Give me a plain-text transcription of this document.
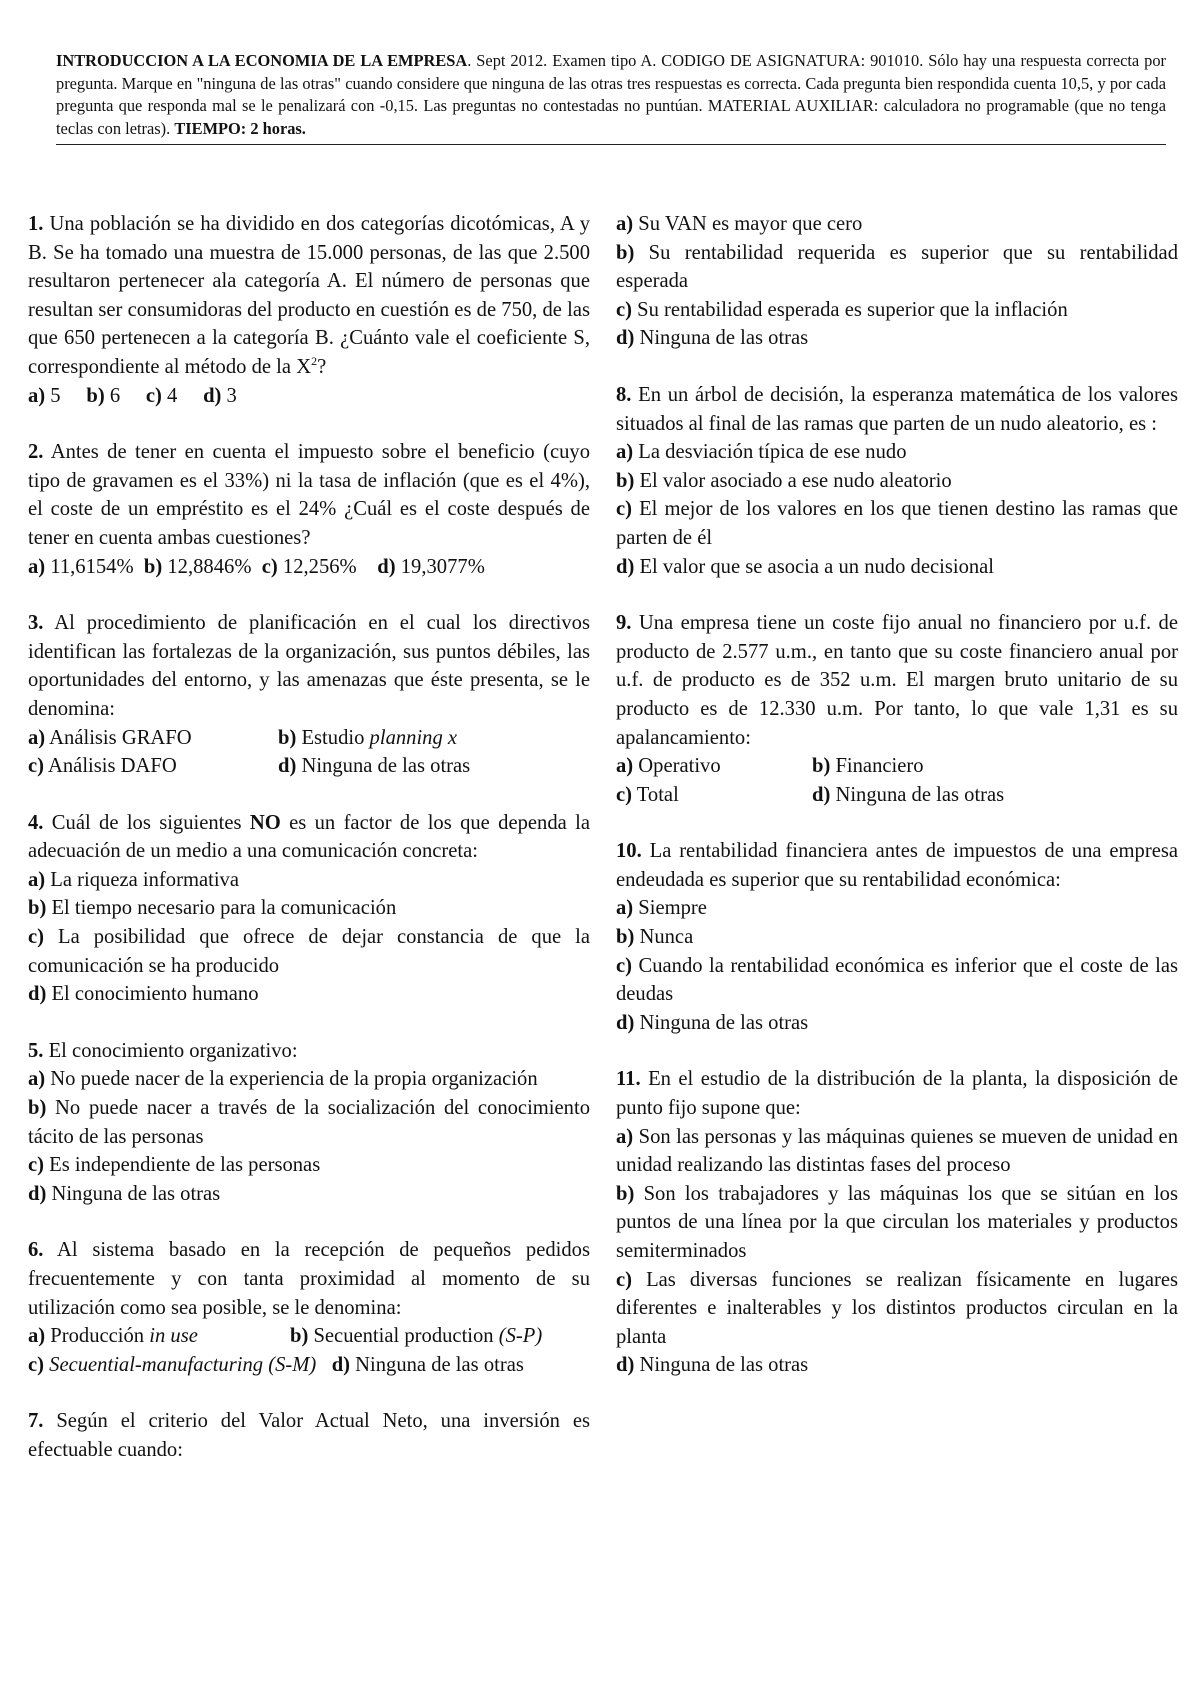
INTRODUCCION A LA ECONOMIA DE LA EMPRESA. Sept 2012. Examen tipo A. CODIGO DE ASIGNATURA: 901010. Sólo hay una respuesta correcta por pregunta. Marque en "ninguna de las otras" cuando considere que ninguna de las otras tres respuestas es correcta. Cada pregunta bien respondida cuenta 10,5, y por cada pregunta que responda mal se le penalizará con -0,15. Las preguntas no contestadas no puntúan. MATERIAL AUXILIAR: calculadora no programable (que no tenga teclas con letras). TIEMPO: 2 horas.

1. Una población se ha dividido en dos categorías dicotómicas, A y B. Se ha tomado una muestra de 15.000 personas, de las que 2.500 resultaron pertenecer ala categoría A. El número de personas que resultan ser consumidoras del producto en cuestión es de 750, de las que 650 pertenecen a la categoría B. ¿Cuánto vale el coeficiente S, correspondiente al método de la $X^2$?

a) 5 b) 6 c) 4 d) 3

2. Antes de tener en cuenta el impuesto sobre el beneficio (cuyo tipo de gravamen es el 33%) ni la tasa de inflación (que es el 4%), el coste de un empréstito es el 24% ¿Cuál es el coste después de tener en cuenta ambas cuestiones?

a) 11,6154% b) 12,8846% c) 12,256% d) 19,3077%

3. Al procedimiento de planificación en el cual los directivos identifican las fortalezas de la organización, sus puntos débiles, las oportunidades del entorno, y las amenazas que éste presenta, se le denomina:

a) Análisis GRAFO	b) Estudio planning x
c) Análisis DAFO	d) Ninguna de las otras

4. Cuál de los siguientes NO es un factor de los que dependa la adecuación de un medio a una comunicación concreta:

a) La riqueza informativa

b) El tiempo necesario para la comunicación

c) La posibilidad que ofrece de dejar constancia de que la comunicación se ha producido

d) El conocimiento humano

5. El conocimiento organizativo:

a) No puede nacer de la experiencia de la propia organización

b) No puede nacer a través de la socialización del conocimiento tácito de las personas

c) Es independiente de las personas

d) Ninguna de las otras

6. Al sistema basado en la recepción de pequeños pedidos frecuentemente y con tanta proximidad al momento de su utilización como sea posible, se le denomina:

a) Producción in use	b) Secuential production (S-P)

c) Secuential-manufacturing (S-M) d) Ninguna de las otras

7. Según el criterio del Valor Actual Neto, una inversión es efectuable cuando:

a) Su VAN es mayor que cero

b) Su rentabilidad requerida es superior que su rentabilidad esperada

c) Su rentabilidad esperada es superior que la inflación

d) Ninguna de las otras

8. En un árbol de decisión, la esperanza matemática de los valores situados al final de las ramas que parten de un nudo aleatorio, es :

a) La desviación típica de ese nudo

b) El valor asociado a ese nudo aleatorio

c) El mejor de los valores en los que tienen destino las ramas que parten de él

d) El valor que se asocia a un nudo decisional

9. Una empresa tiene un coste fijo anual no financiero por u.f. de producto de 2.577 u.m., en tanto que su coste financiero anual por u.f. de producto es de 352 u.m. El margen bruto unitario de su producto es de 12.330 u.m. Por tanto, lo que vale 1,31 es su apalancamiento:

a) Operativo	b) Financiero
c) Total	d) Ninguna de las otras

10. La rentabilidad financiera antes de impuestos de una empresa endeudada es superior que su rentabilidad económica:

a) Siempre

b) Nunca

c) Cuando la rentabilidad económica es inferior que el coste de las deudas

d) Ninguna de las otras

11. En el estudio de la distribución de la planta, la disposición de punto fijo supone que:

a) Son las personas y las máquinas quienes se mueven de unidad en unidad realizando las distintas fases del proceso

b) Son los trabajadores y las máquinas los que se sitúan en los puntos de una línea por la que circulan los materiales y productos semiterminados

c) Las diversas funciones se realizan físicamente en lugares diferentes e inalterables y los distintos productos circulan en la planta

d) Ninguna de las otras
